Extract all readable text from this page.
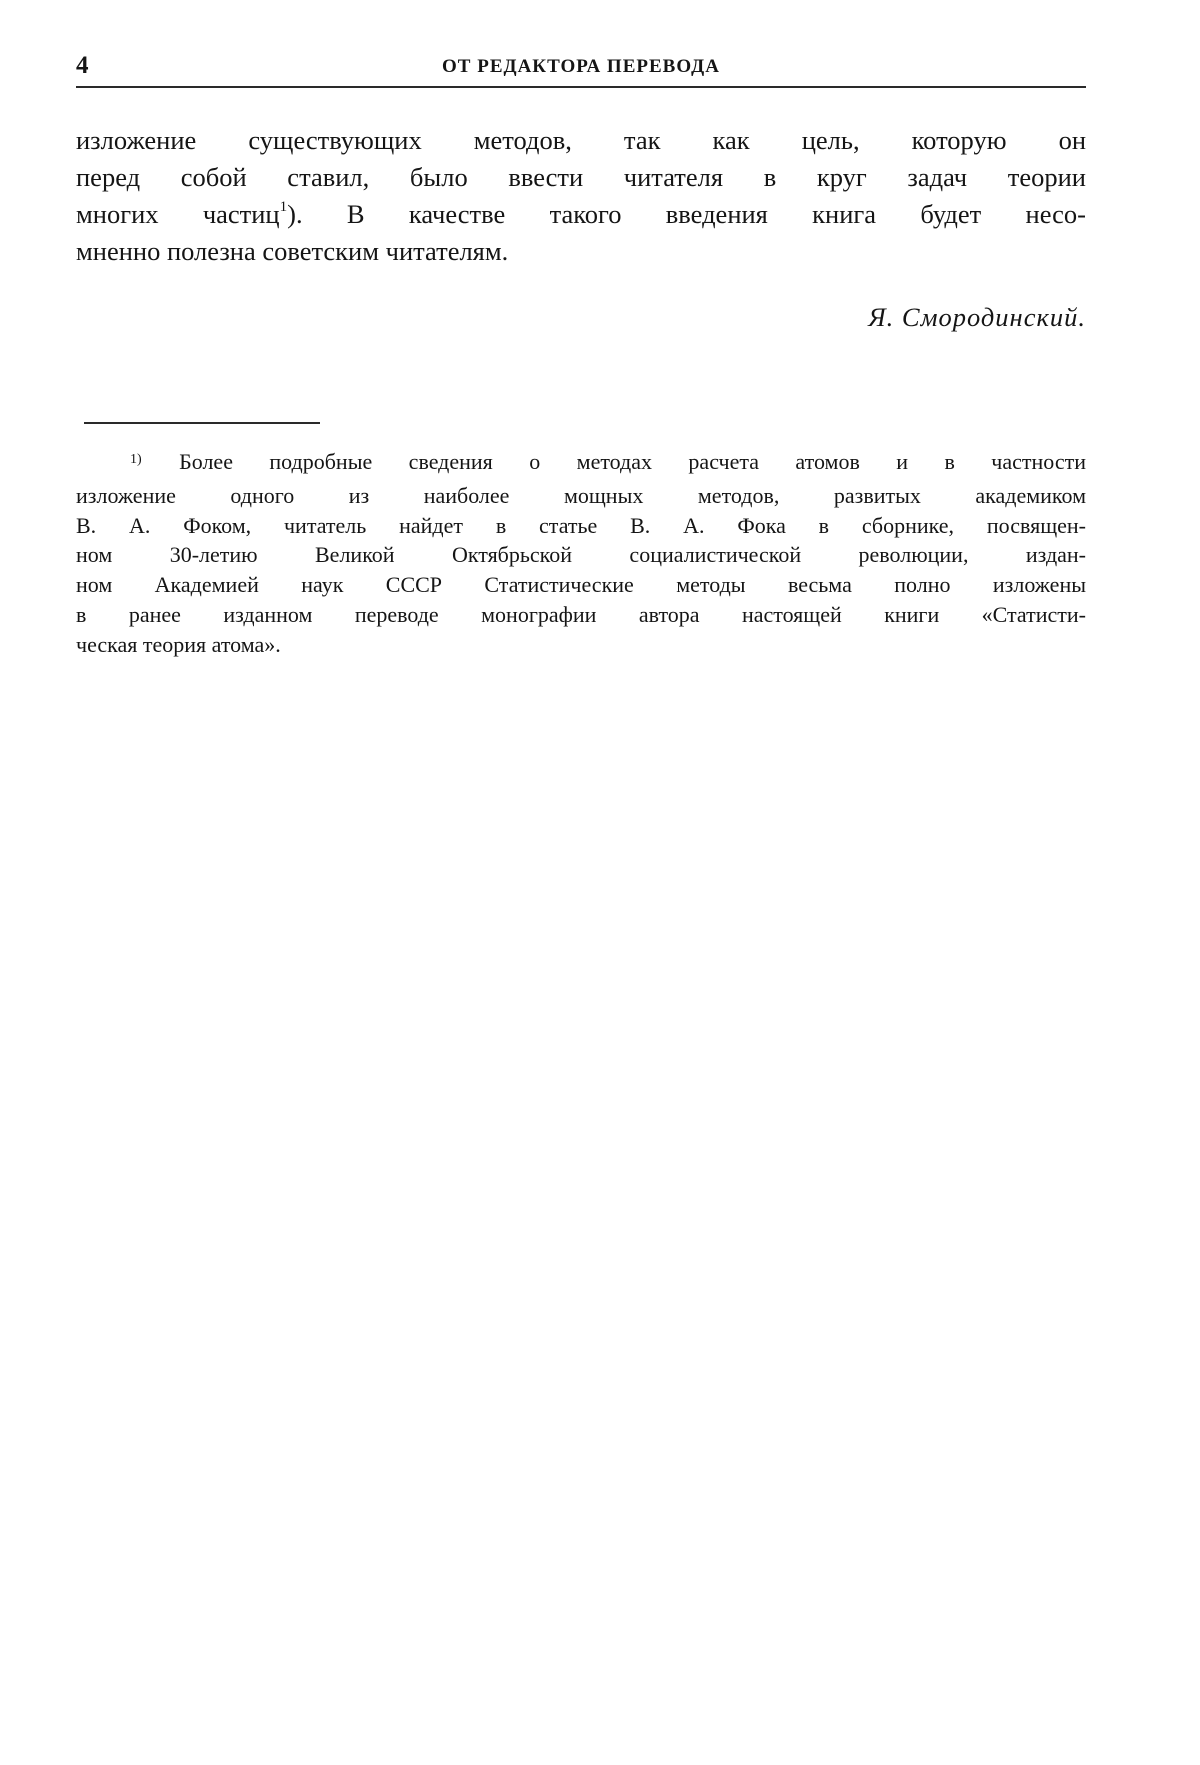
4	ОТ РЕДАКТОРА ПЕРЕВОДА
изложение существующих методов, так как цель, которую он
перед собой ставил, было ввести читателя в круг задач теории
многих частиц$^1$). В качестве такого введения книга будет несо-
мненно полезна советским читателям.
Я. Смородинский.
$^{1)}$ Более подробные сведения о методах расчета атомов и в частности
изложение одного из наиболее мощных методов, развитых академиком
В. А. Фоком, читатель найдет в статье В. А. Фока в сборнике, посвящен-
ном 30-летию Великой Октябрьской социалистической революции, издан-
ном Академией наук СССР Статистические методы весьма полно изложены
в ранее изданном переводе монографии автора настоящей книги «Статисти-
ческая теория атома».
